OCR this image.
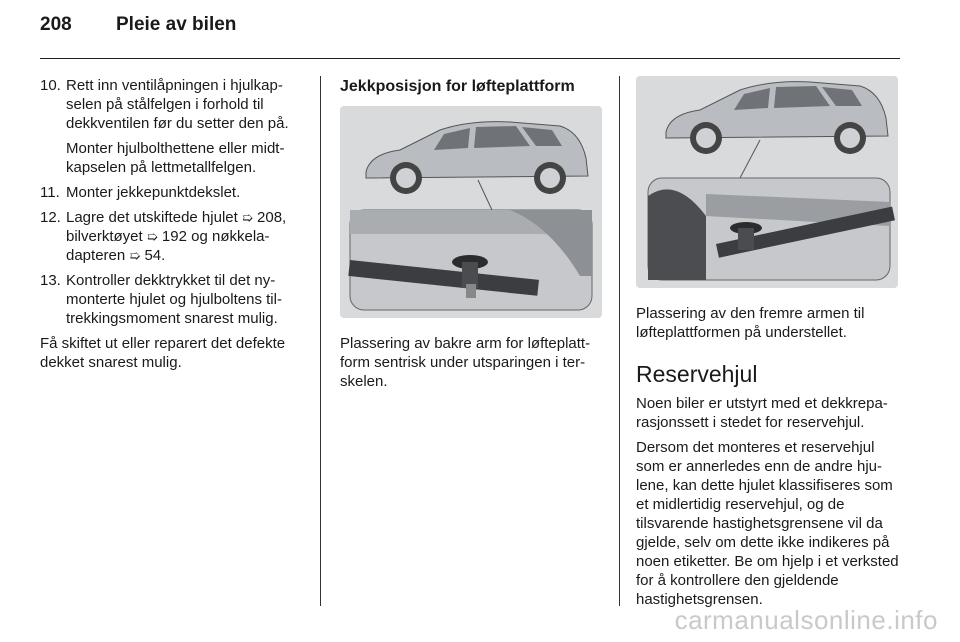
208	Pleie av bilen
10. Rett inn ventilåpningen i hjulkapselen på stålfelgen i forhold til dekkventilen før du setter den på.

Monter hjulbolthettene eller midtkapselen på lettmetallfelgen.

11. Monter jekkepunktdekslet.

12. Lagre det utskiftede hjulet ➯ 208, bilverktøyet ➯ 192 og nøkkeladapteren ➯ 54.

13. Kontroller dekktrykket til det nymonterte hjulet og hjulboltens tiltrekkingsmoment snarest mulig.

Få skiftet ut eller reparert det defekte dekket snarest mulig.

Jekkposisjon for løfteplattform

Plassering av bakre arm for løfteplattform sentrisk under utsparingen i terskelen.

Plassering av den fremre armen til løfteplattformen på understellet.

Reservehjul

Noen biler er utstyrt med et dekkreparasjonssett i stedet for reservehjul.

Dersom det monteres et reservehjul som er annerledes enn de andre hjulene, kan dette hjulet klassifiseres som et midlertidig reservehjul, og de tilsvarende hastighetsgrensene vil da gjelde, selv om dette ikke indikeres på noen etiketter. Be om hjelp i et verksted for å kontrollere den gjeldende hastighetsgrensen.

carmanualsonline.info
